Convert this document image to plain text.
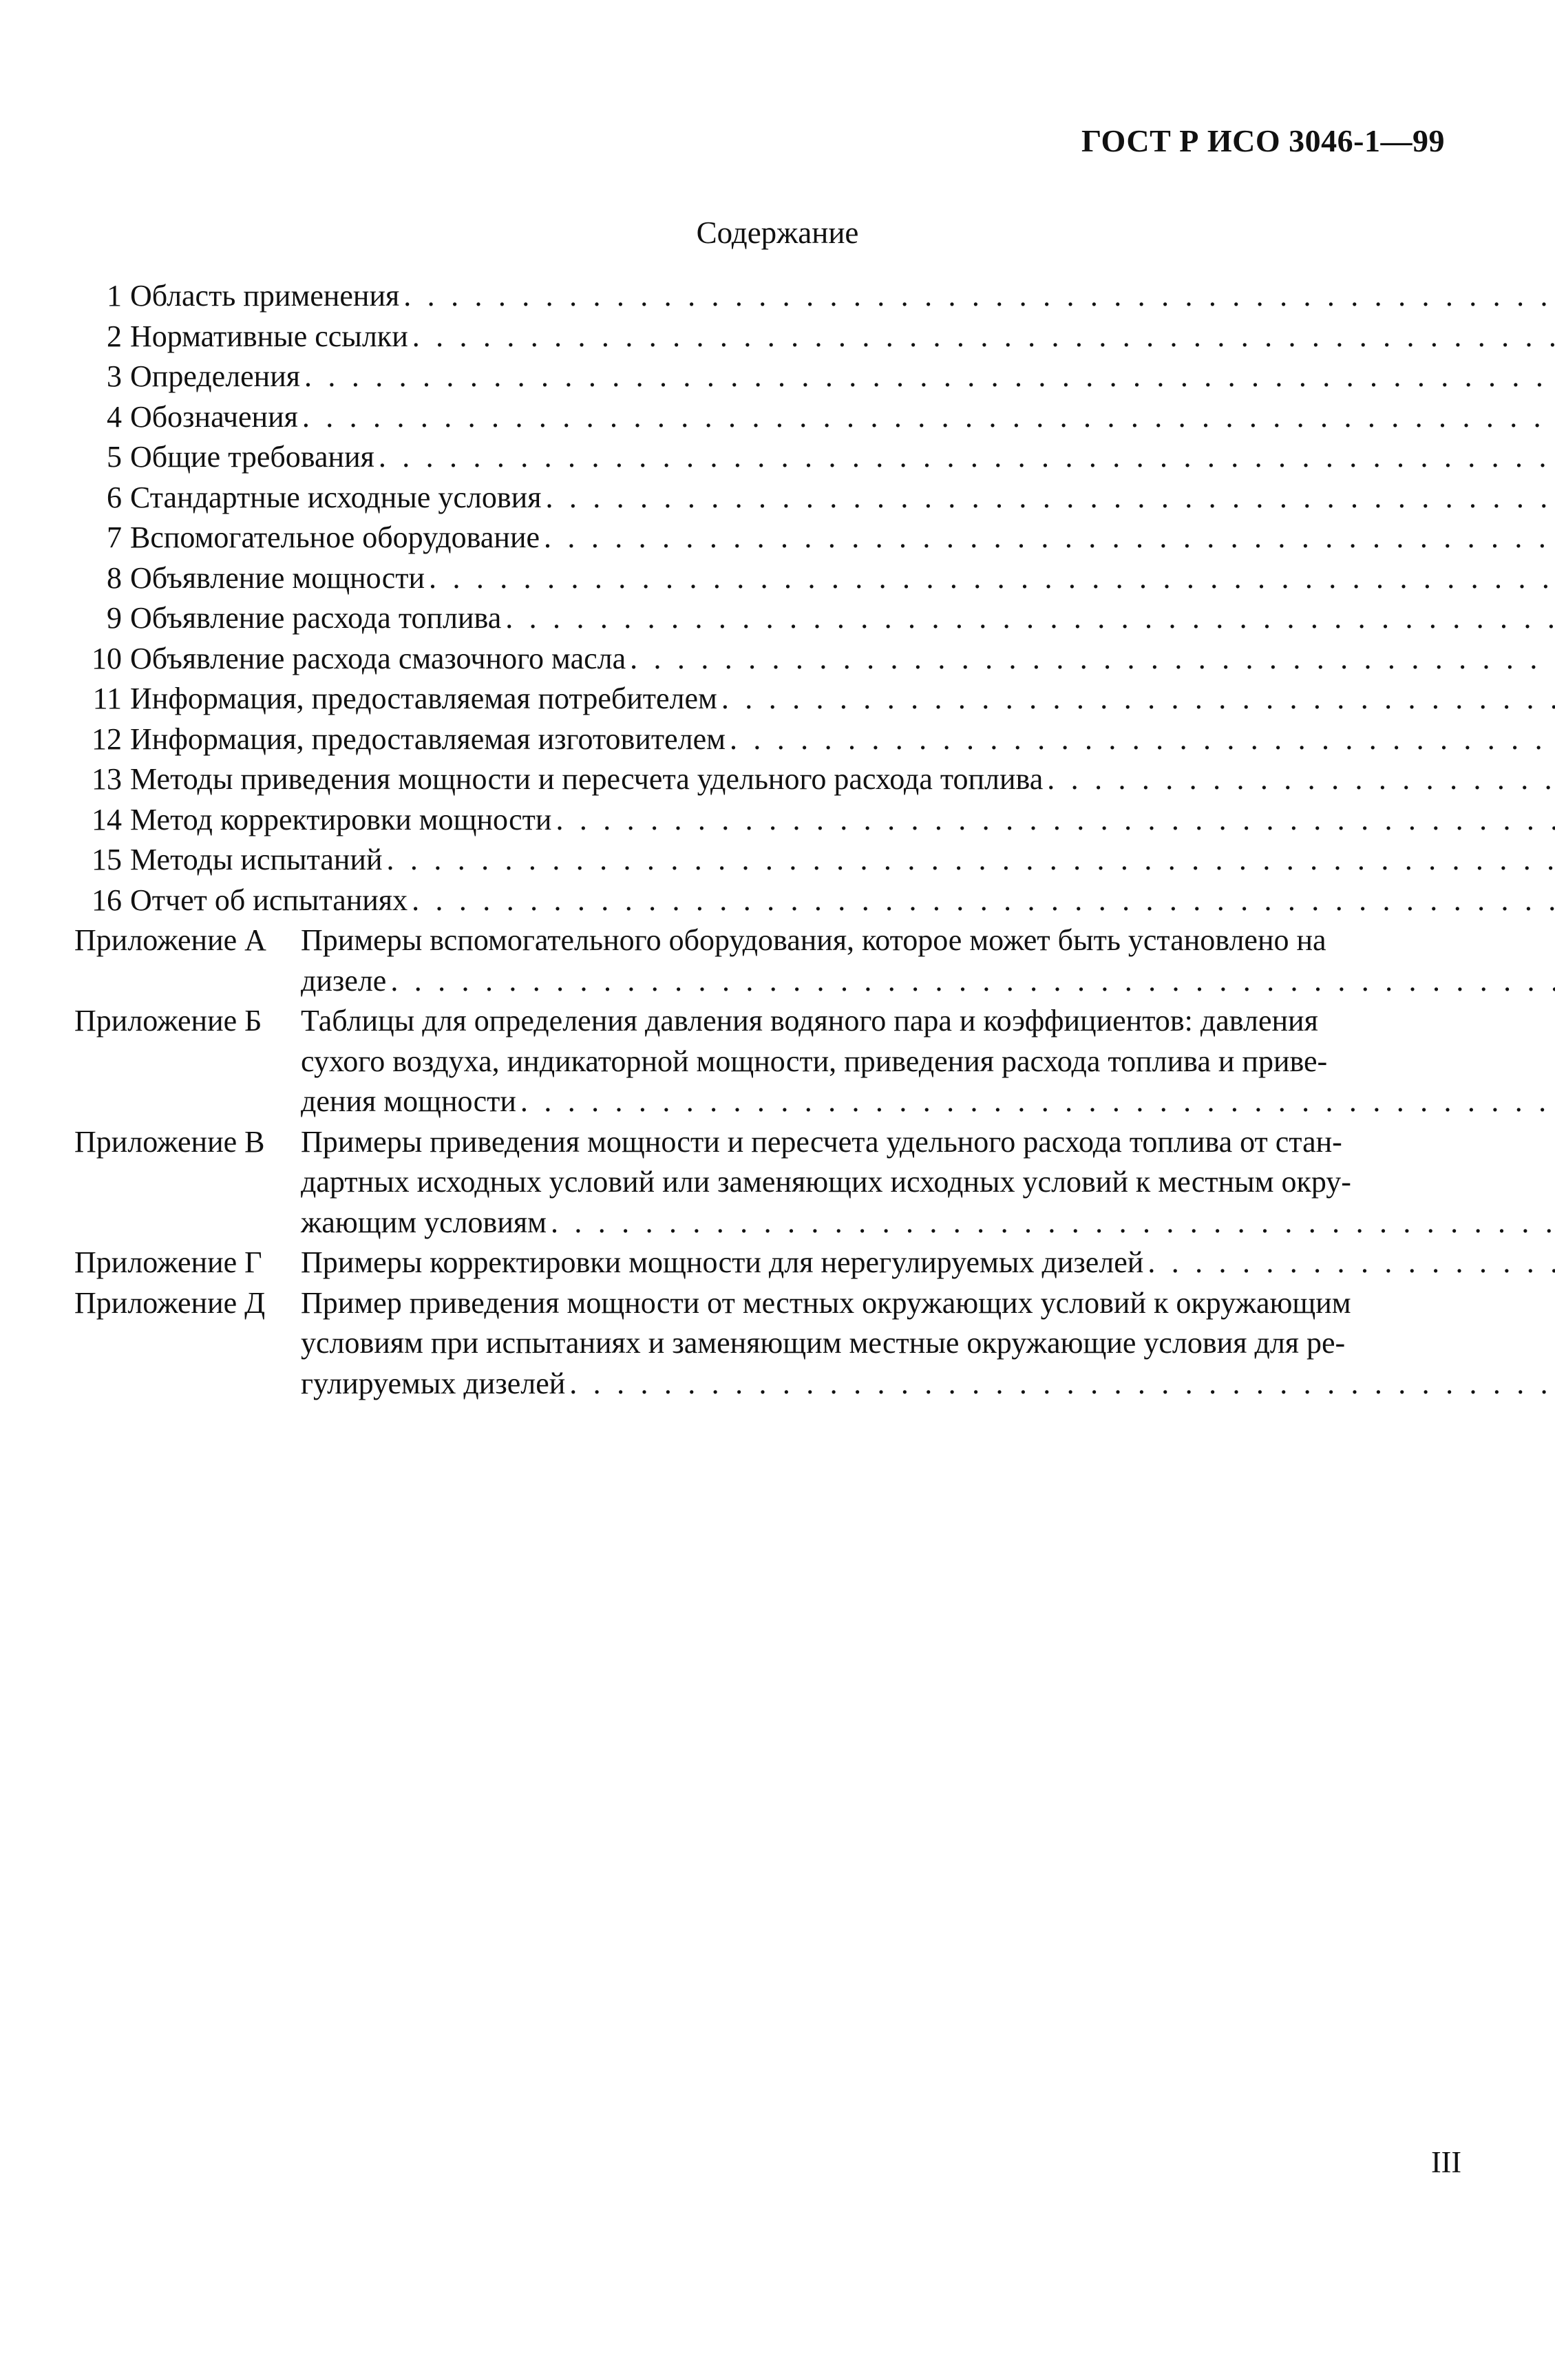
ГОСТ Р ИСО 3046-1—99
Содержание
1 Область применения
. . .
2 Нормативные ссылки
. . .
3 Определения
. . .
4 Обозначения
. . .
5 Общие требования
. . .
6 Стандартные исходные условия
. . .
7 Вспомогательное оборудование
. . .
8 Объявление мощности
. . .
9 Объявление расхода топлива
. . .
10 Объявление расхода смазочного масла
. . .
11 Информация, предоставляемая потребителем
. . .
12 Информация, предоставляемая изготовителем
. . .
13 Методы приведения мощности и пересчета удельного расхода топлива
. . .
14 Метод корректировки мощности
. . .
15 Методы испытаний
. . .
16 Отчет об испытаниях
. . .
Приложение А	Примеры вспомогательного оборудования, которое может быть установлено на
дизеле
. . .
Приложение Б	Таблицы для определения давления водяного пара и коэффициентов: давления
сухого воздуха, индикаторной мощности, приведения расхода топлива и приве-
дения мощности
. . .
Приложение В	Примеры приведения мощности и пересчета удельного расхода топлива от стан-
дартных исходных условий или заменяющих исходных условий к местным окру-
жающим условиям
. . .
Приложение Г	Примеры корректировки мощности для нерегулируемых дизелей
. . .
Приложение Д	Пример приведения мощности от местных окружающих условий к окружающим
условиям при испытаниях и заменяющим местные окружающие условия для ре-
гулируемых дизелей
. . .
III
